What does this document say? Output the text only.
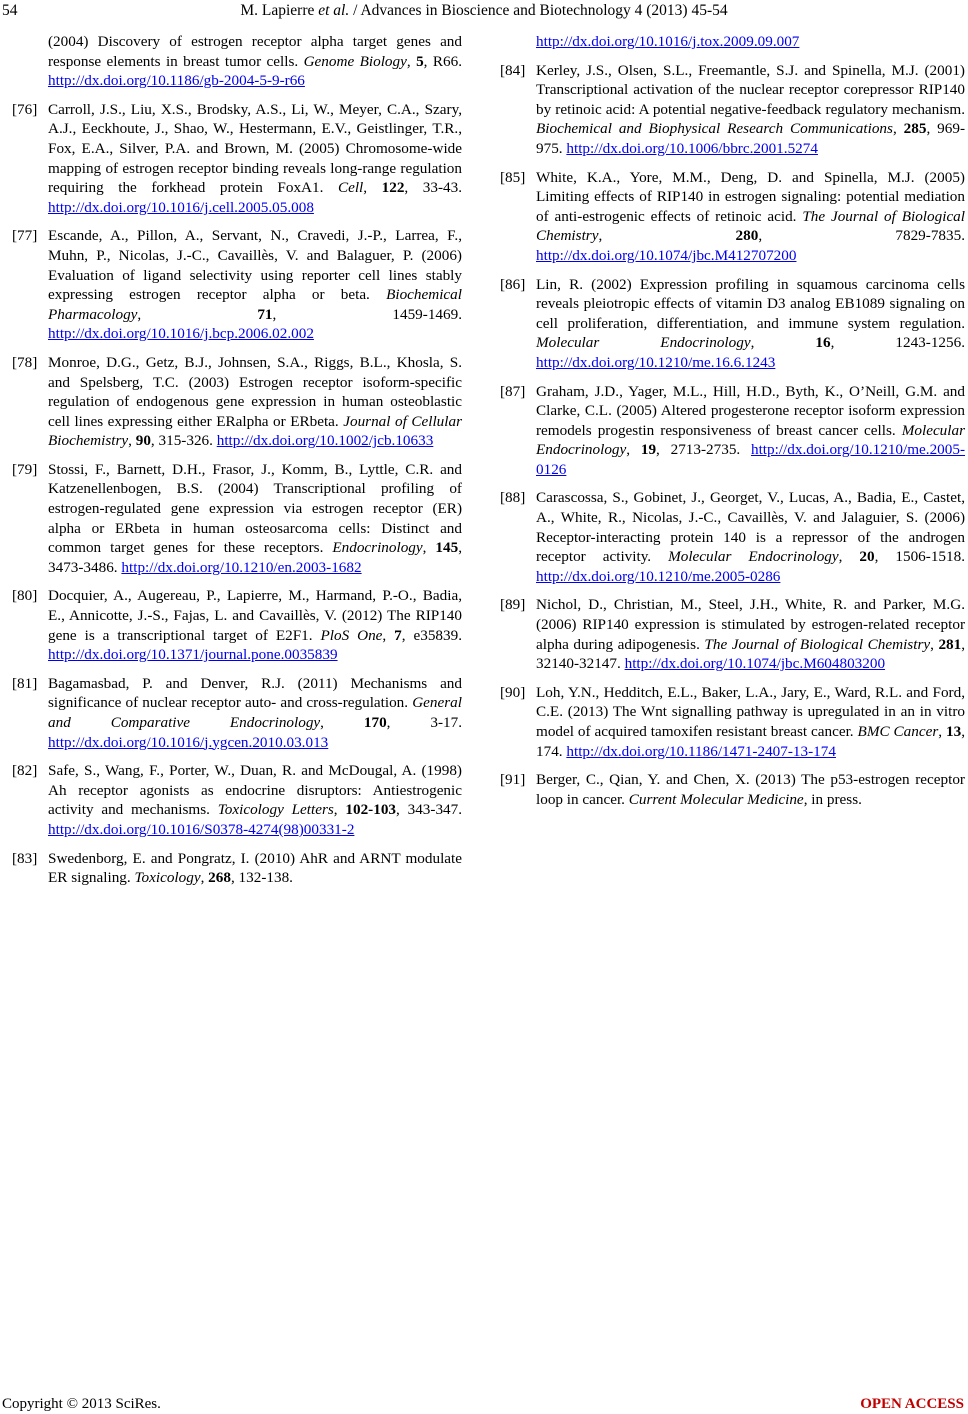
54	M. Lapierre et al. / Advances in Bioscience and Biotechnology 4 (2013) 45-54
(2004) Discovery of estrogen receptor alpha target genes and response elements in breast tumor cells. Genome Biology, 5, R66. http://dx.doi.org/10.1186/gb-2004-5-9-r66
[76] Carroll, J.S., Liu, X.S., Brodsky, A.S., Li, W., Meyer, C.A., Szary, A.J., Eeckhoute, J., Shao, W., Hestermann, E.V., Geistlinger, T.R., Fox, E.A., Silver, P.A. and Brown, M. (2005) Chromosome-wide mapping of estrogen receptor binding reveals long-range regulation requiring the forkhead protein FoxA1. Cell, 122, 33-43. http://dx.doi.org/10.1016/j.cell.2005.05.008
[77] Escande, A., Pillon, A., Servant, N., Cravedi, J.-P., Larrea, F., Muhn, P., Nicolas, J.-C., Cavaillès, V. and Balaguer, P. (2006) Evaluation of ligand selectivity using reporter cell lines stably expressing estrogen receptor alpha or beta. Biochemical Pharmacology, 71, 1459-1469. http://dx.doi.org/10.1016/j.bcp.2006.02.002
[78] Monroe, D.G., Getz, B.J., Johnsen, S.A., Riggs, B.L., Khosla, S. and Spelsberg, T.C. (2003) Estrogen receptor isoform-specific regulation of endogenous gene expression in human osteoblastic cell lines expressing either ERalpha or ERbeta. Journal of Cellular Biochemistry, 90, 315-326. http://dx.doi.org/10.1002/jcb.10633
[79] Stossi, F., Barnett, D.H., Frasor, J., Komm, B., Lyttle, C.R. and Katzenellenbogen, B.S. (2004) Transcriptional profiling of estrogen-regulated gene expression via estrogen receptor (ER) alpha or ERbeta in human osteosarcoma cells: Distinct and common target genes for these receptors. Endocrinology, 145, 3473-3486. http://dx.doi.org/10.1210/en.2003-1682
[80] Docquier, A., Augereau, P., Lapierre, M., Harmand, P.-O., Badia, E., Annicotte, J.-S., Fajas, L. and Cavaillès, V. (2012) The RIP140 gene is a transcriptional target of E2F1. PloS One, 7, e35839. http://dx.doi.org/10.1371/journal.pone.0035839
[81] Bagamasbad, P. and Denver, R.J. (2011) Mechanisms and significance of nuclear receptor auto- and cross-regulation. General and Comparative Endocrinology, 170, 3-17. http://dx.doi.org/10.1016/j.ygcen.2010.03.013
[82] Safe, S., Wang, F., Porter, W., Duan, R. and McDougal, A. (1998) Ah receptor agonists as endocrine disruptors: Antiestrogenic activity and mechanisms. Toxicology Letters, 102-103, 343-347. http://dx.doi.org/10.1016/S0378-4274(98)00331-2
[83] Swedenborg, E. and Pongratz, I. (2010) AhR and ARNT modulate ER signaling. Toxicology, 268, 132-138.
http://dx.doi.org/10.1016/j.tox.2009.09.007
[84] Kerley, J.S., Olsen, S.L., Freemantle, S.J. and Spinella, M.J. (2001) Transcriptional activation of the nuclear receptor corepressor RIP140 by retinoic acid: A potential negative-feedback regulatory mechanism. Biochemical and Biophysical Research Communications, 285, 969-975. http://dx.doi.org/10.1006/bbrc.2001.5274
[85] White, K.A., Yore, M.M., Deng, D. and Spinella, M.J. (2005) Limiting effects of RIP140 in estrogen signaling: potential mediation of anti-estrogenic effects of retinoic acid. The Journal of Biological Chemistry, 280, 7829-7835. http://dx.doi.org/10.1074/jbc.M412707200
[86] Lin, R. (2002) Expression profiling in squamous carcinoma cells reveals pleiotropic effects of vitamin D3 analog EB1089 signaling on cell proliferation, differentiation, and immune system regulation. Molecular Endocrinology, 16, 1243-1256. http://dx.doi.org/10.1210/me.16.6.1243
[87] Graham, J.D., Yager, M.L., Hill, H.D., Byth, K., O’Neill, G.M. and Clarke, C.L. (2005) Altered progesterone receptor isoform expression remodels progestin responsiveness of breast cancer cells. Molecular Endocrinology, 19, 2713-2735. http://dx.doi.org/10.1210/me.2005-0126
[88] Carascossa, S., Gobinet, J., Georget, V., Lucas, A., Badia, E., Castet, A., White, R., Nicolas, J.-C., Cavaillès, V. and Jalaguier, S. (2006) Receptor-interacting protein 140 is a repressor of the androgen receptor activity. Molecular Endocrinology, 20, 1506-1518. http://dx.doi.org/10.1210/me.2005-0286
[89] Nichol, D., Christian, M., Steel, J.H., White, R. and Parker, M.G. (2006) RIP140 expression is stimulated by estrogen-related receptor alpha during adipogenesis. The Journal of Biological Chemistry, 281, 32140-32147. http://dx.doi.org/10.1074/jbc.M604803200
[90] Loh, Y.N., Hedditch, E.L., Baker, L.A., Jary, E., Ward, R.L. and Ford, C.E. (2013) The Wnt signalling pathway is upregulated in an in vitro model of acquired tamoxifen resistant breast cancer. BMC Cancer, 13, 174. http://dx.doi.org/10.1186/1471-2407-13-174
[91] Berger, C., Qian, Y. and Chen, X. (2013) The p53-estrogen receptor loop in cancer. Current Molecular Medicine, in press.
Copyright © 2013 SciRes.	OPEN ACCESS
